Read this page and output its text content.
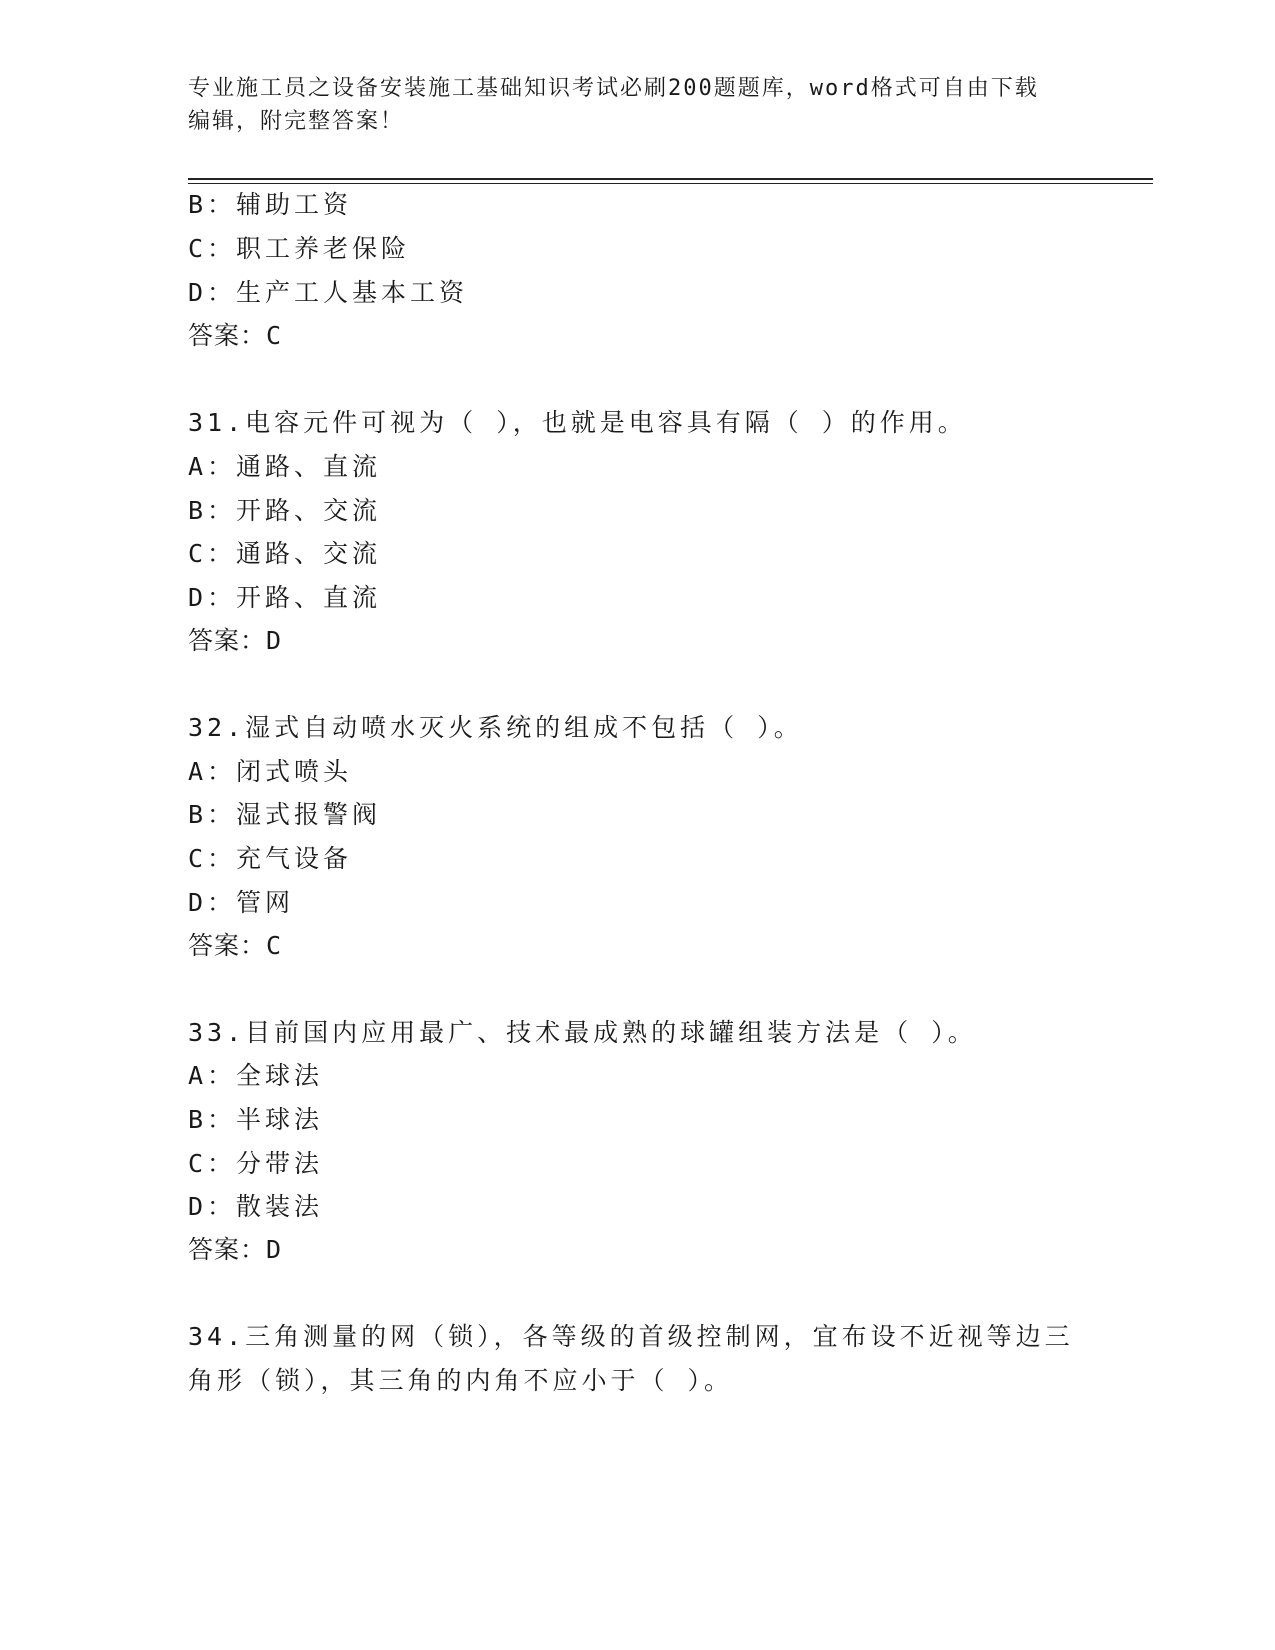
专业施工员之设备安装施工基础知识考试必刷200题题库，word格式可自由下载
编辑，附完整答案！
B：辅助工资
C：职工养老保险
D：生产工人基本工资
答案：C
31.电容元件可视为（ ），也就是电容具有隔（ ）的作用。
A：通路、直流
B：开路、交流
C：通路、交流
D：开路、直流
答案：D
32.湿式自动喷水灭火系统的组成不包括（ ）。
A：闭式喷头
B：湿式报警阀
C：充气设备
D：管网
答案：C
33.目前国内应用最广、技术最成熟的球罐组装方法是（ ）。
A：全球法
B：半球法
C：分带法
D：散装法
答案：D
34.三角测量的网（锁），各等级的首级控制网，宜布设不近视等边三
角形（锁），其三角的内角不应小于（ ）。
